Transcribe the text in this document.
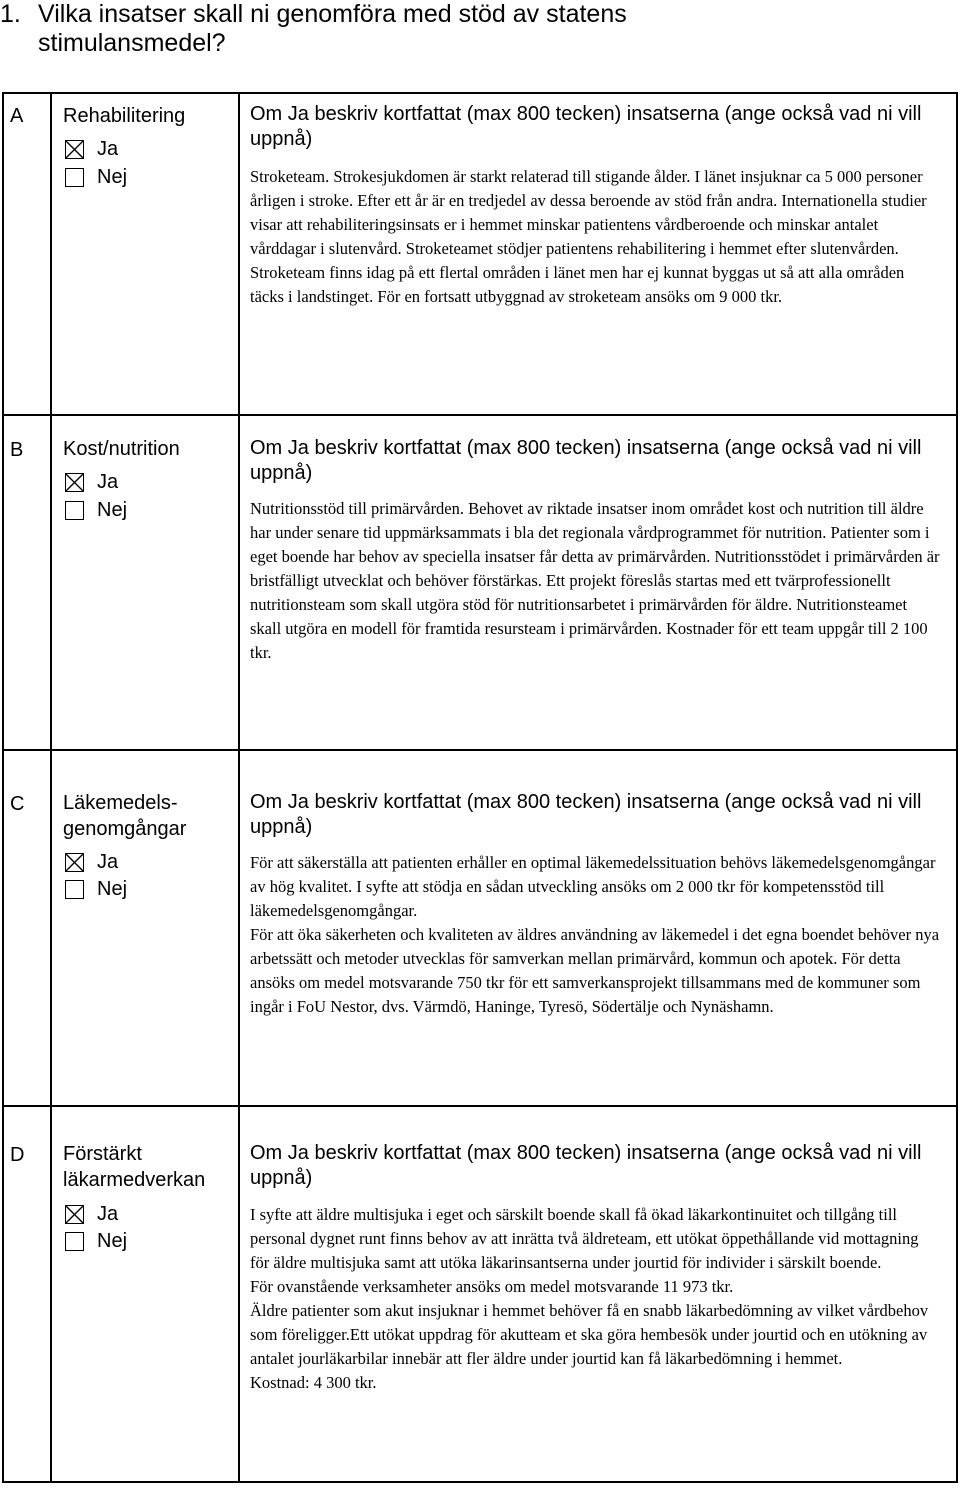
1. Vilka insatser skall ni genomföra med stöd av statens
stimulansmedel?
A Rehabilitering
Ja
Nej
Om Ja beskriv kortfattat (max 800 tecken) insatserna (ange också vad ni vill uppnå)

Stroketeam. Strokesjukdomen är starkt relaterad till stigande ålder. I länet insjuknar ca 5 000 personer årligen i stroke. Efter ett år är en tredjedel av dessa beroende av stöd från andra. Internationella studier visar att rehabiliteringsinsats er i hemmet minskar patientens vårdberoende och minskar antalet vårddagar i slutenvård. Stroketeamet stödjer patientens rehabilitering i hemmet efter slutenvården. Stroketeam finns idag på ett flertal områden i länet men har ej kunnat byggas ut så att alla områden täcks i landstinget. För en fortsatt utbyggnad av stroketeam ansöks om 9 000 tkr.

B Kost/nutrition
Ja
Nej
Om Ja beskriv kortfattat (max 800 tecken) insatserna (ange också vad ni vill uppnå)

Nutritionsstöd till primärvården. Behovet av riktade insatser inom området kost och nutrition till äldre har under senare tid uppmärksammats i bla det regionala vårdprogrammet för nutrition. Patienter som i eget boende har behov av speciella insatser får detta av primärvården. Nutritionsstödet i primärvården är bristfälligt utvecklat och behöver förstärkas. Ett projekt föreslås startas med ett tvärprofessionellt nutritionsteam som skall utgöra stöd för nutritionsarbetet i primärvården för äldre. Nutritionsteamet skall utgöra en modell för framtida resursteam i primärvården. Kostnader för ett team uppgår till 2 100 tkr.

C Läkemedels-genomgångar
Ja
Nej
Om Ja beskriv kortfattat (max 800 tecken) insatserna (ange också vad ni vill uppnå)

För att säkerställa att patienten erhåller en optimal läkemedelssituation behövs läkemedelsgenomgångar av hög kvalitet. I syfte att stödja en sådan utveckling ansöks om 2 000 tkr för kompetensstöd till läkemedelsgenomgångar.

För att öka säkerheten och kvaliteten av äldres användning av läkemedel i det egna boendet behöver nya arbetssätt och metoder utvecklas för samverkan mellan primärvård, kommun och apotek. För detta ansöks om medel motsvarande 750 tkr för ett samverkansprojekt tillsammans med de kommuner som ingår i FoU Nestor, dvs. Värmdö, Haninge, Tyresö, Södertälje och Nynäshamn.

D Förstärkt läkarmedverkan
Ja
Nej
Om Ja beskriv kortfattat (max 800 tecken) insatserna (ange också vad ni vill uppnå)

I syfte att äldre multisjuka i eget och särskilt boende skall få ökad läkarkontinuitet och tillgång till personal dygnet runt finns behov av att inrätta två äldreteam, ett utökat öppethållande vid mottagning för äldre multisjuka samt att utöka läkarinsantserna under jourtid för individer i särskilt boende.

För ovanstående verksamheter ansöks om medel motsvarande 11 973 tkr.

Äldre patienter som akut insjuknar i hemmet behöver få en snabb läkarbedömning av vilket vårdbehov som föreligger.Ett utökat uppdrag för akutteam et ska göra hembesök under jourtid och en utökning av antalet jourläkarbilar innebär att fler äldre under jourtid kan få läkarbedömning i hemmet.

Kostnad: 4 300 tkr.
